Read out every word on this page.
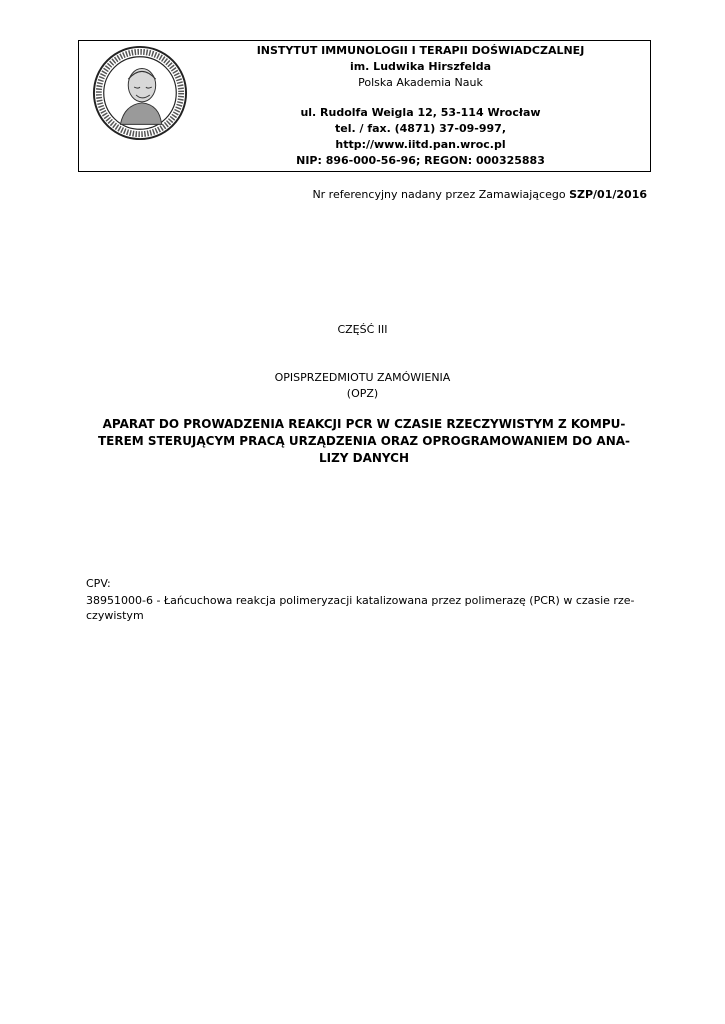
INSTYTUT IMMUNOLOGII I TERAPII DOŚWIADCZALNEJ
im. Ludwika Hirszfelda
Polska Akademia Nauk
ul. Rudolfa Weigla 12, 53-114 Wrocław
tel. / fax. (4871) 37-09-997,
http://www.iitd.pan.wroc.pl
NIP: 896-000-56-96; REGON: 000325883
Nr referencyjny nadany przez Zamawiającego SZP/01/2016
CZĘŚĆ III
OPISPRZEDMIOTU ZAMÓWIENIA
(OPZ)
APARAT DO PROWADZENIA REAKCJI PCR W CZASIE RZECZYWISTYM Z KOMPU-
TEREM STERUJĄCYM PRACĄ URZĄDZENIA ORAZ OPROGRAMOWANIEM DO ANA-
LIZY DANYCH
CPV:
38951000-6 - Łańcuchowa reakcja polimeryzacji katalizowana przez polimerazę (PCR) w czasie rze-
czywistym
